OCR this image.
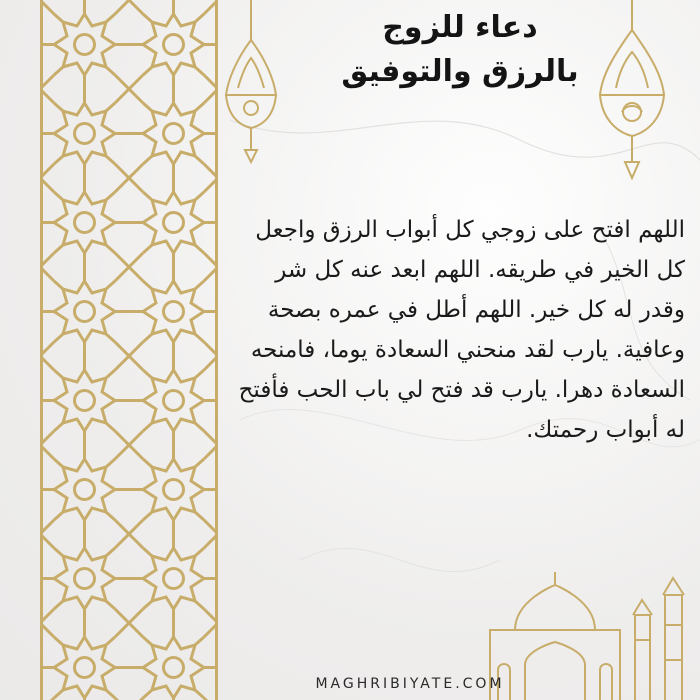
دعاء للزوج
بالرزق والتوفيق
اللهم افتح على زوجي كل أبواب الرزق واجعل كل الخير في طريقه. اللهم ابعد عنه كل شر وقدر له كل خير. اللهم أطل في عمره بصحة وعافية. يارب لقد منحني السعادة يوما، فامنحه السعادة دهرا. يارب قد فتح لي باب الحب فأفتح له أبواب رحمتك.
MAGHRIBIYATE.COM
